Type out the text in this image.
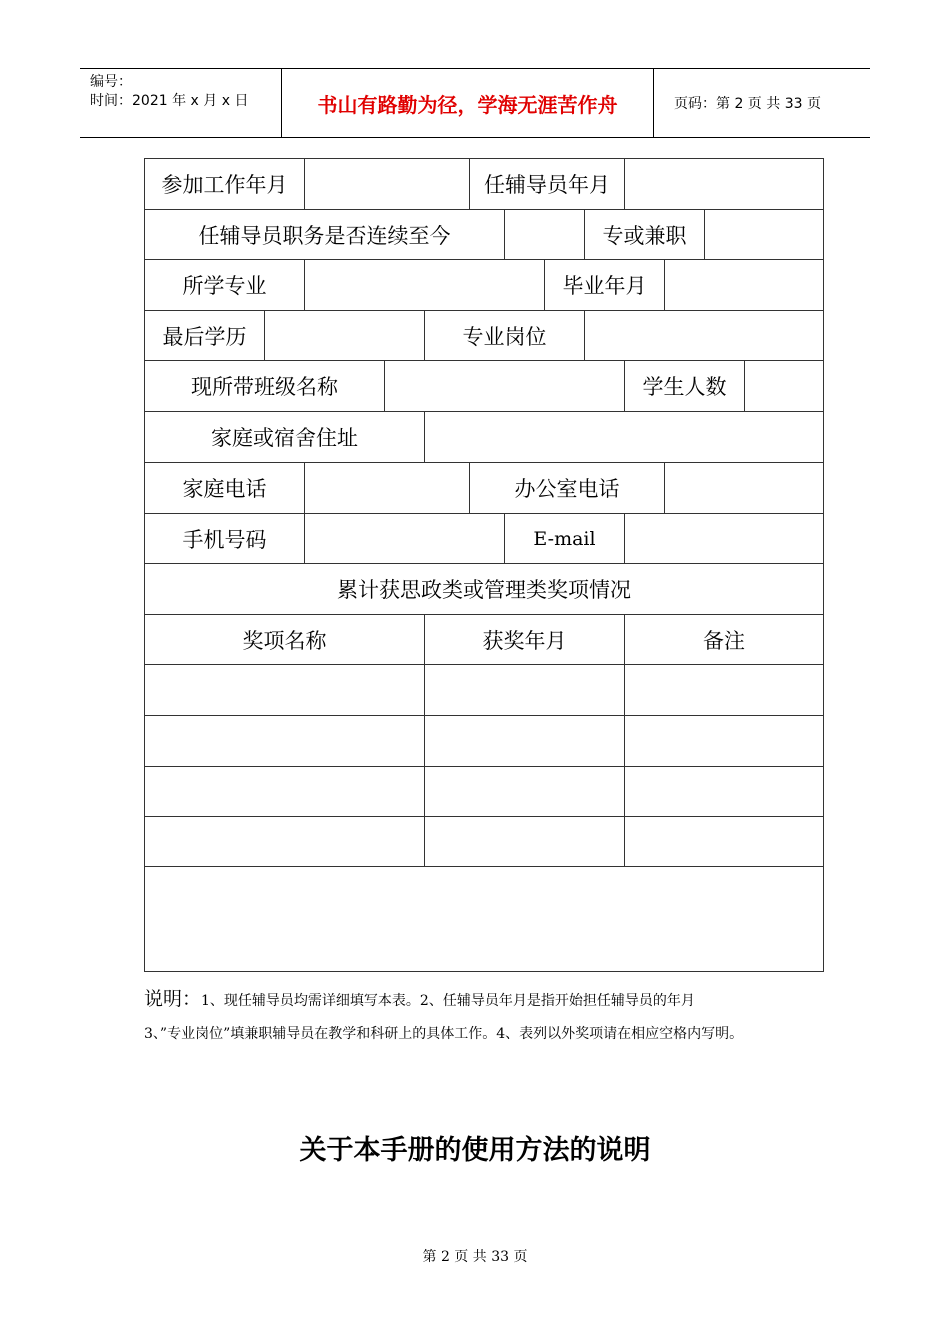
编号：
时间：2021 年 x 月 x 日	书山有路勤为径，学海无涯苦作舟	页码：第 2 页 共 33 页
参加工作年月	任辅导员年月
任辅导员职务是否连续至今	专或兼职
所学专业	毕业年月
最后学历	专业岗位
现所带班级名称	学生人数
家庭或宿舍住址
家庭电话	办公室电话
手机号码	E-mail
累计获思政类或管理类奖项情况
奖项名称	获奖年月	备注

说明：1、现任辅导员均需详细填写本表。2、任辅导员年月是指开始担任辅导员的年月

3、”专业岗位”填兼职辅导员在教学和科研上的具体工作。4、表列以外奖项请在相应空格内写明。

关于本手册的使用方法的说明
第 2 页 共 33 页
